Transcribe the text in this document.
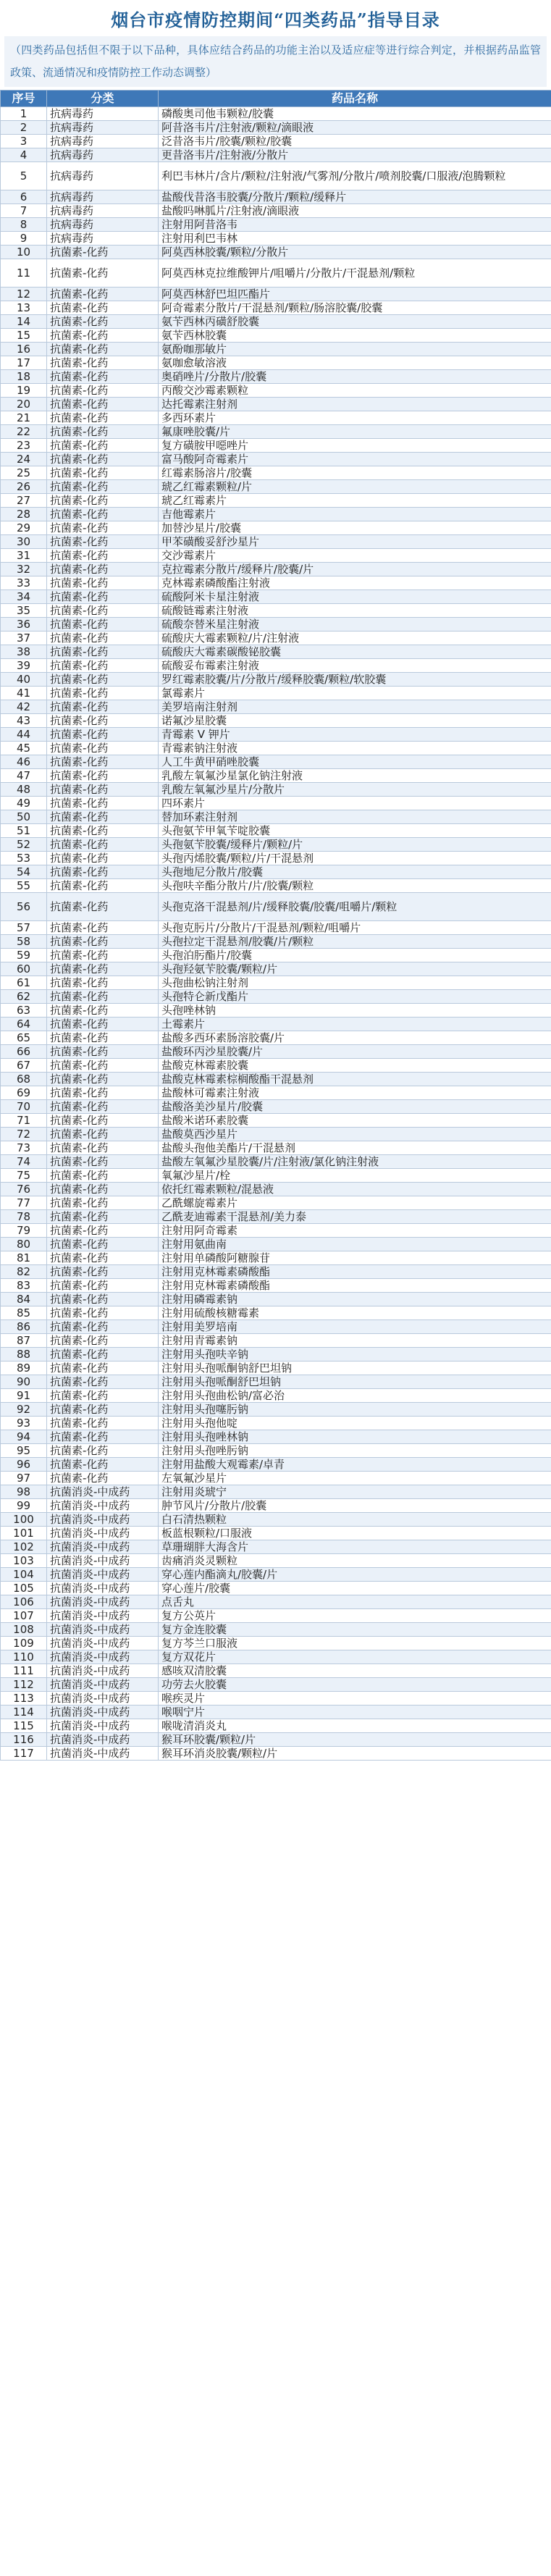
烟台市疫情防控期间“四类药品”指导目录
（四类药品包括但不限于以下品种，具体应结合药品的功能主治以及适应症等进行综合判定，并根据药品监管政策、流通情况和疫情防控工作动态调整）
序号	分类	药品名称
1	抗病毒药	磷酸奥司他韦颗粒/胶囊
2	抗病毒药	阿昔洛韦片/注射液/颗粒/滴眼液
3	抗病毒药	泛昔洛韦片/胶囊/颗粒/胶囊
4	抗病毒药	更昔洛韦片/注射液/分散片
5	抗病毒药	利巴韦林片/含片/颗粒/注射液/气雾剂/分散片/喷剂胶囊/口服液/泡腾颗粒
6	抗病毒药	盐酸伐昔洛韦胶囊/分散片/颗粒/缓释片
7	抗病毒药	盐酸吗啉胍片/注射液/滴眼液
8	抗病毒药	注射用阿昔洛韦
9	抗病毒药	注射用利巴韦林
10	抗菌素-化药	阿莫西林胶囊/颗粒/分散片
11	抗菌素-化药	阿莫西林克拉维酸钾片/咀嚼片/分散片/干混悬剂/颗粒
12	抗菌素-化药	阿莫西林舒巴坦匹酯片
13	抗菌素-化药	阿奇霉素分散片/干混悬剂/颗粒/肠溶胶囊/胶囊
14	抗菌素-化药	氨苄西林丙磺舒胶囊
15	抗菌素-化药	氨苄西林胶囊
16	抗菌素-化药	氨酚咖那敏片
17	抗菌素-化药	氨咖愈敏溶液
18	抗菌素-化药	奥硝唑片/分散片/胶囊
19	抗菌素-化药	丙酸交沙霉素颗粒
20	抗菌素-化药	达托霉素注射剂
21	抗菌素-化药	多西环素片
22	抗菌素-化药	氟康唑胶囊/片
23	抗菌素-化药	复方磺胺甲噁唑片
24	抗菌素-化药	富马酸阿奇霉素片
25	抗菌素-化药	红霉素肠溶片/胶囊
26	抗菌素-化药	琥乙红霉素颗粒/片
27	抗菌素-化药	琥乙红霉素片
28	抗菌素-化药	吉他霉素片
29	抗菌素-化药	加替沙星片/胶囊
30	抗菌素-化药	甲苯磺酸妥舒沙星片
31	抗菌素-化药	交沙霉素片
32	抗菌素-化药	克拉霉素分散片/缓释片/胶囊/片
33	抗菌素-化药	克林霉素磷酸酯注射液
34	抗菌素-化药	硫酸阿米卡星注射液
35	抗菌素-化药	硫酸链霉素注射液
36	抗菌素-化药	硫酸奈替米星注射液
37	抗菌素-化药	硫酸庆大霉素颗粒/片/注射液
38	抗菌素-化药	硫酸庆大霉素碳酸铋胶囊
39	抗菌素-化药	硫酸妥布霉素注射液
40	抗菌素-化药	罗红霉素胶囊/片/分散片/缓释胶囊/颗粒/软胶囊
41	抗菌素-化药	氯霉素片
42	抗菌素-化药	美罗培南注射剂
43	抗菌素-化药	诺氟沙星胶囊
44	抗菌素-化药	青霉素 V 钾片
45	抗菌素-化药	青霉素钠注射液
46	抗菌素-化药	人工牛黄甲硝唑胶囊
47	抗菌素-化药	乳酸左氧氟沙星氯化钠注射液
48	抗菌素-化药	乳酸左氧氟沙星片/分散片
49	抗菌素-化药	四环素片
50	抗菌素-化药	替加环素注射剂
51	抗菌素-化药	头孢氨苄甲氧苄啶胶囊
52	抗菌素-化药	头孢氨苄胶囊/缓释片/颗粒/片
53	抗菌素-化药	头孢丙烯胶囊/颗粒/片/干混悬剂
54	抗菌素-化药	头孢地尼分散片/胶囊
55	抗菌素-化药	头孢呋辛酯分散片/片/胶囊/颗粒
56	抗菌素-化药	头孢克洛干混悬剂/片/缓释胶囊/胶囊/咀嚼片/颗粒
57	抗菌素-化药	头孢克肟片/分散片/干混悬剂/颗粒/咀嚼片
58	抗菌素-化药	头孢拉定干混悬剂/胶囊/片/颗粒
59	抗菌素-化药	头孢泊肟酯片/胶囊
60	抗菌素-化药	头孢羟氨苄胶囊/颗粒/片
61	抗菌素-化药	头孢曲松钠注射剂
62	抗菌素-化药	头孢特仑新戊酯片
63	抗菌素-化药	头孢唑林钠
64	抗菌素-化药	土霉素片
65	抗菌素-化药	盐酸多西环素肠溶胶囊/片
66	抗菌素-化药	盐酸环丙沙星胶囊/片
67	抗菌素-化药	盐酸克林霉素胶囊
68	抗菌素-化药	盐酸克林霉素棕榈酸酯干混悬剂
69	抗菌素-化药	盐酸林可霉素注射液
70	抗菌素-化药	盐酸洛美沙星片/胶囊
71	抗菌素-化药	盐酸米诺环素胶囊
72	抗菌素-化药	盐酸莫西沙星片
73	抗菌素-化药	盐酸头孢他美酯片/干混悬剂
74	抗菌素-化药	盐酸左氧氟沙星胶囊/片/注射液/氯化钠注射液
75	抗菌素-化药	氧氟沙星片/栓
76	抗菌素-化药	依托红霉素颗粒/混悬液
77	抗菌素-化药	乙酰螺旋霉素片
78	抗菌素-化药	乙酰麦迪霉素干混悬剂/美力泰
79	抗菌素-化药	注射用阿奇霉素
80	抗菌素-化药	注射用氨曲南
81	抗菌素-化药	注射用单磷酸阿糖腺苷
82	抗菌素-化药	注射用克林霉素磷酸酯
83	抗菌素-化药	注射用克林霉素磷酸酯
84	抗菌素-化药	注射用磷霉素钠
85	抗菌素-化药	注射用硫酸核糖霉素
86	抗菌素-化药	注射用美罗培南
87	抗菌素-化药	注射用青霉素钠
88	抗菌素-化药	注射用头孢呋辛钠
89	抗菌素-化药	注射用头孢哌酮钠舒巴坦钠
90	抗菌素-化药	注射用头孢哌酮舒巴坦钠
91	抗菌素-化药	注射用头孢曲松钠/富必治
92	抗菌素-化药	注射用头孢噻肟钠
93	抗菌素-化药	注射用头孢他啶
94	抗菌素-化药	注射用头孢唑林钠
95	抗菌素-化药	注射用头孢唑肟钠
96	抗菌素-化药	注射用盐酸大观霉素/卓青
97	抗菌素-化药	左氧氟沙星片
98	抗菌消炎-中成药	注射用炎琥宁
99	抗菌消炎-中成药	肿节风片/分散片/胶囊
100	抗菌消炎-中成药	白石清热颗粒
101	抗菌消炎-中成药	板蓝根颗粒/口服液
102	抗菌消炎-中成药	草珊瑚胖大海含片
103	抗菌消炎-中成药	齿痛消炎灵颗粒
104	抗菌消炎-中成药	穿心莲内酯滴丸/胶囊/片
105	抗菌消炎-中成药	穿心莲片/胶囊
106	抗菌消炎-中成药	点舌丸
107	抗菌消炎-中成药	复方公英片
108	抗菌消炎-中成药	复方金连胶囊
109	抗菌消炎-中成药	复方芩兰口服液
110	抗菌消炎-中成药	复方双花片
111	抗菌消炎-中成药	感咳双清胶囊
112	抗菌消炎-中成药	功劳去火胶囊
113	抗菌消炎-中成药	喉疾灵片
114	抗菌消炎-中成药	喉咽宁片
115	抗菌消炎-中成药	喉咙清消炎丸
116	抗菌消炎-中成药	猴耳环胶囊/颗粒/片
117	抗菌消炎-中成药	猴耳环消炎胶囊/颗粒/片
